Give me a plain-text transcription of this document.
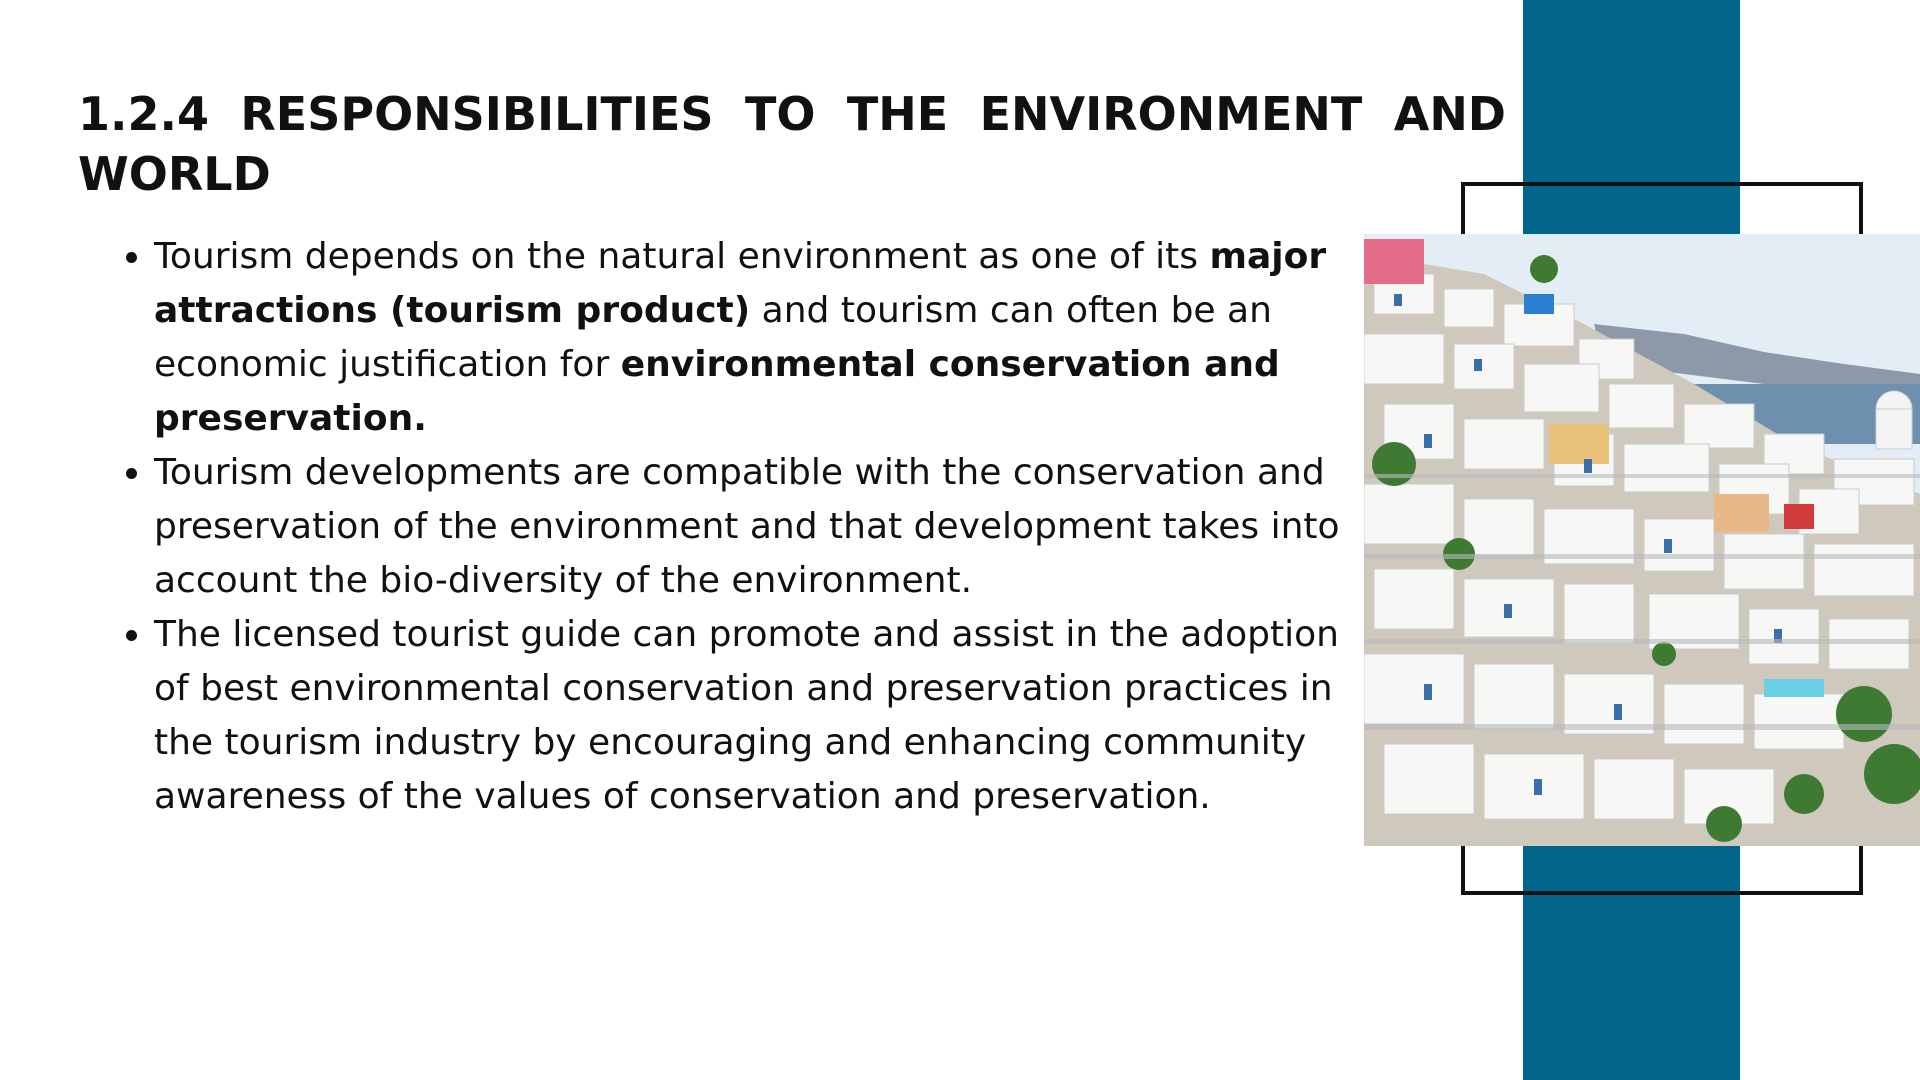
1.2.4 RESPONSIBILITIES TO THE ENVIRONMENT AND WORLD
• Tourism depends on the natural environment as one of its major attractions (tourism product) and tourism can often be an economic justification for environmental conservation and preservation.
• Tourism developments are compatible with the conservation and preservation of the environment and that development takes into account the bio-diversity of the environment.
• The licensed tourist guide can promote and assist in the adoption of best environmental conservation and preservation practices in the tourism industry by encouraging and enhancing community awareness of the values of conservation and preservation.
